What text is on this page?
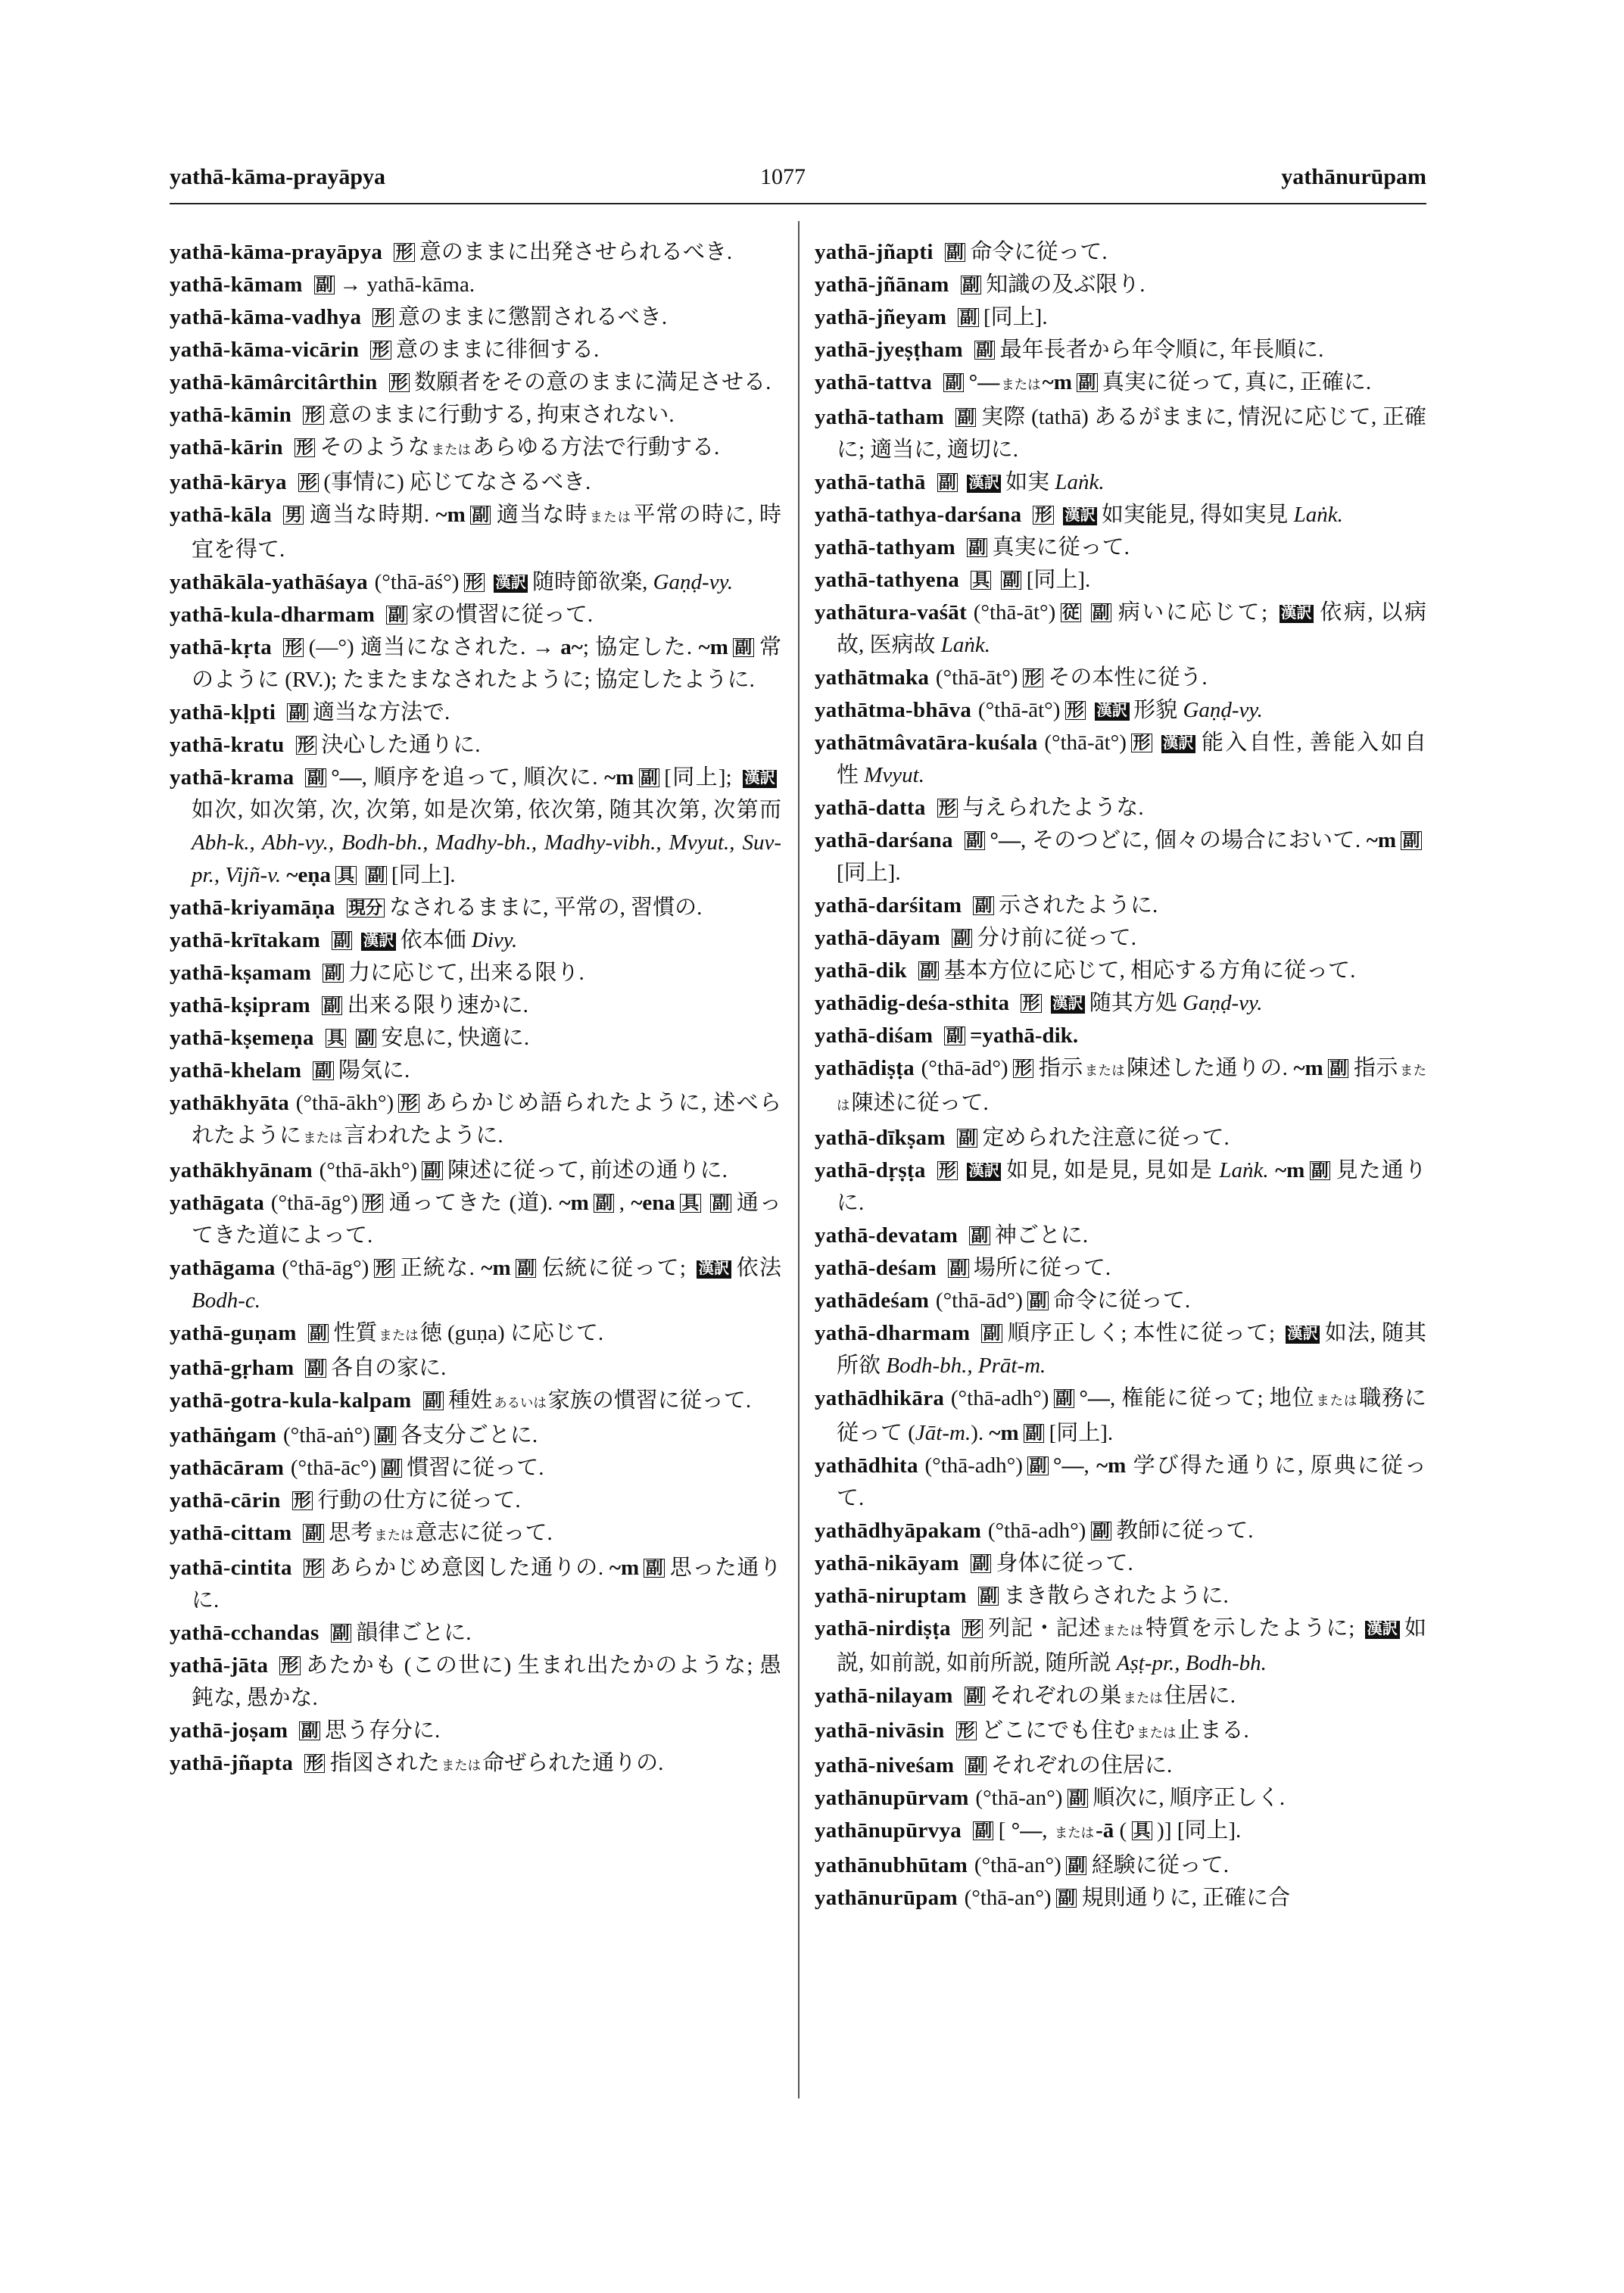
yathā-kāma-prayāpya	1077	yathānurūpam

yathā-kāma-prayāpya 形 意のままに出発させられるべき.

yathā-kāmam 副 → yathā-kāma.

yathā-kāma-vadhya 形 意のままに懲罰されるべき.

yathā-kāma-vicārin 形 意のままに徘徊する.

yathā-kāmârcitârthin 形 数願者をその意のままに満足させる.

yathā-kāmin 形 意のままに行動する, 拘束されない.

yathā-kārin 形 そのような またはあらゆる方法で行動する.

yathā-kārya 形 (事情に) 応じてなさるべき.

yathā-kāla 男 適当な時期. ~m 副 適当な時 または平常の時に, 時宜を得て.

yathākāla-yathāśaya (°thā-āś°) 形 漢訳 随時節欲楽, Gaṇḍ-vy.

yathā-kula-dharmam 副 家の慣習に従って.

yathā-kṛta 形 (—°) 適当になされた. → a~; 協定した. ~m 副 常のように (RV.); たまたまなされたように; 協定したように.

yathā-kḷpti 副 適当な方法で.

yathā-kratu 形 決心した通りに.

yathā-krama 副 °—, 順序を追って, 順次に. ~m 副 [同上]; 漢訳如次, 如次第, 次, 次第, 如是次第, 依次第, 随其次第, 次第而 Abh-k., Abh-vy., Bodh-bh., Madhy-bh., Madhy-vibh., Mvyut., Suv-pr., Vijñ-v. ~eṇa 具 副 [同上].

yathā-kriyamāṇa 現分 なされるままに, 平常の, 習慣の.

yathā-krītakam 副 漢訳 依本価 Divy.

yathā-kṣamam 副 力に応じて, 出来る限り.

yathā-kṣipram 副 出来る限り速かに.

yathā-kṣemeṇa 具 副 安息に, 快適に.

yathā-khelam 副 陽気に.

yathākhyāta (°thā-ākh°) 形 あらかじめ語られたように, 述べられたように または言われたように.

yathākhyānam (°thā-ākh°) 副 陳述に従って, 前述の通りに.

yathāgata (°thā-āg°) 形 通ってきた (道). ~m 副 , ~ena 具 副 通ってきた道によって.

yathāgama (°thā-āg°) 形 正統な. ~m 副 伝統に従って; 漢訳 依法 Bodh-c.

yathā-guṇam 副 性質 または徳 (guṇa) に応じて.

yathā-gṛham 副 各自の家に.

yathā-gotra-kula-kalpam 副 種姓 あるいは家族の慣習に従って.

yathāṅgam (°thā-aṅ°) 副 各支分ごとに.

yathācāram (°thā-āc°) 副 慣習に従って.

yathā-cārin 形 行動の仕方に従って.

yathā-cittam 副 思考 または意志に従って.

yathā-cintita 形 あらかじめ意図した通りの. ~m 副 思った通りに.

yathā-cchandas 副 韻律ごとに.

yathā-jāta 形 あたかも (この世に) 生まれ出たかのような; 愚鈍な, 愚かな.

yathā-joṣam 副 思う存分に.

yathā-jñapta 形 指図された または命ぜられた通りの.

yathā-jñapti 副 命令に従って.

yathā-jñānam 副 知識の及ぶ限り.

yathā-jñeyam 副 [同上].

yathā-jyeṣṭham 副 最年長者から年令順に, 年長順に.

yathā-tattva 副 °— または~m 副 真実に従って, 真に, 正確に.

yathā-tatham 副 実際 (tathā) あるがままに, 情況に応じて, 正確に; 適当に, 適切に.

yathā-tathā 副 漢訳 如実 Laṅk.

yathā-tathya-darśana 形 漢訳 如実能見, 得如実見 Laṅk.

yathā-tathyam 副 真実に従って.

yathā-tathyena 具 副 [同上].

yathātura-vaśāt (°thā-āt°) 従 副 病いに応じて; 漢訳 依病, 以病故, 医病故 Laṅk.

yathātmaka (°thā-āt°) 形 その本性に従う.

yathātma-bhāva (°thā-āt°) 形 漢訳 形貌 Gaṇḍ-vy.

yathātmâvatāra-kuśala (°thā-āt°) 形 漢訳 能入自性, 善能入如自性 Mvyut.

yathā-datta 形 与えられたような.

yathā-darśana 副 °—, そのつどに, 個々の場合において. ~m 副[同上].

yathā-darśitam 副 示されたように.

yathā-dāyam 副 分け前に従って.

yathā-dik 副 基本方位に応じて, 相応する方角に従って.

yathādig-deśa-sthita 形 漢訳 随其方処 Gaṇḍ-vy.

yathā-diśam 副 =yathā-dik.

yathādiṣṭa (°thā-ād°) 形 指示 または陳述した通りの. ~m 副 指示 または陳述に従って.

yathā-dīkṣam 副 定められた注意に従って.

yathā-dṛṣṭa 形 漢訳 如見, 如是見, 見如是 Laṅk. ~m 副 見た通りに.

yathā-devatam 副 神ごとに.

yathā-deśam 副 場所に従って.

yathādeśam (°thā-ād°) 副 命令に従って.

yathā-dharmam 副 順序正しく; 本性に従って; 漢訳 如法, 随其所欲 Bodh-bh., Prāt-m.

yathādhikāra (°thā-adh°) 副 °—, 権能に従って; 地位 または職務に従って (Jāt-m.). ~m 副 [同上].

yathādhita (°thā-adh°) 副 °—, ~m 学び得た通りに, 原典に従って.

yathādhyāpakam (°thā-adh°) 副 教師に従って.

yathā-nikāyam 副 身体に従って.

yathā-niruptam 副 まき散らされたように.

yathā-nirdiṣṭa 形 列記・記述 または特質を示したように; 漢訳 如説, 如前説, 如前所説, 随所説 Aṣṭ-pr., Bodh-bh.

yathā-nilayam 副 それぞれの巣 または住居に.

yathā-nivāsin 形 どこにでも住む または止まる.

yathā-niveśam 副 それぞれの住居に.

yathānupūrvam (°thā-an°) 副 順次に, 順序正しく.

yathānupūrvya 副 [ °—, または-ā ( 具 )] [同上].

yathānubhūtam (°thā-an°) 副 経験に従って.

yathānurūpam (°thā-an°) 副 規則通りに, 正確に合
